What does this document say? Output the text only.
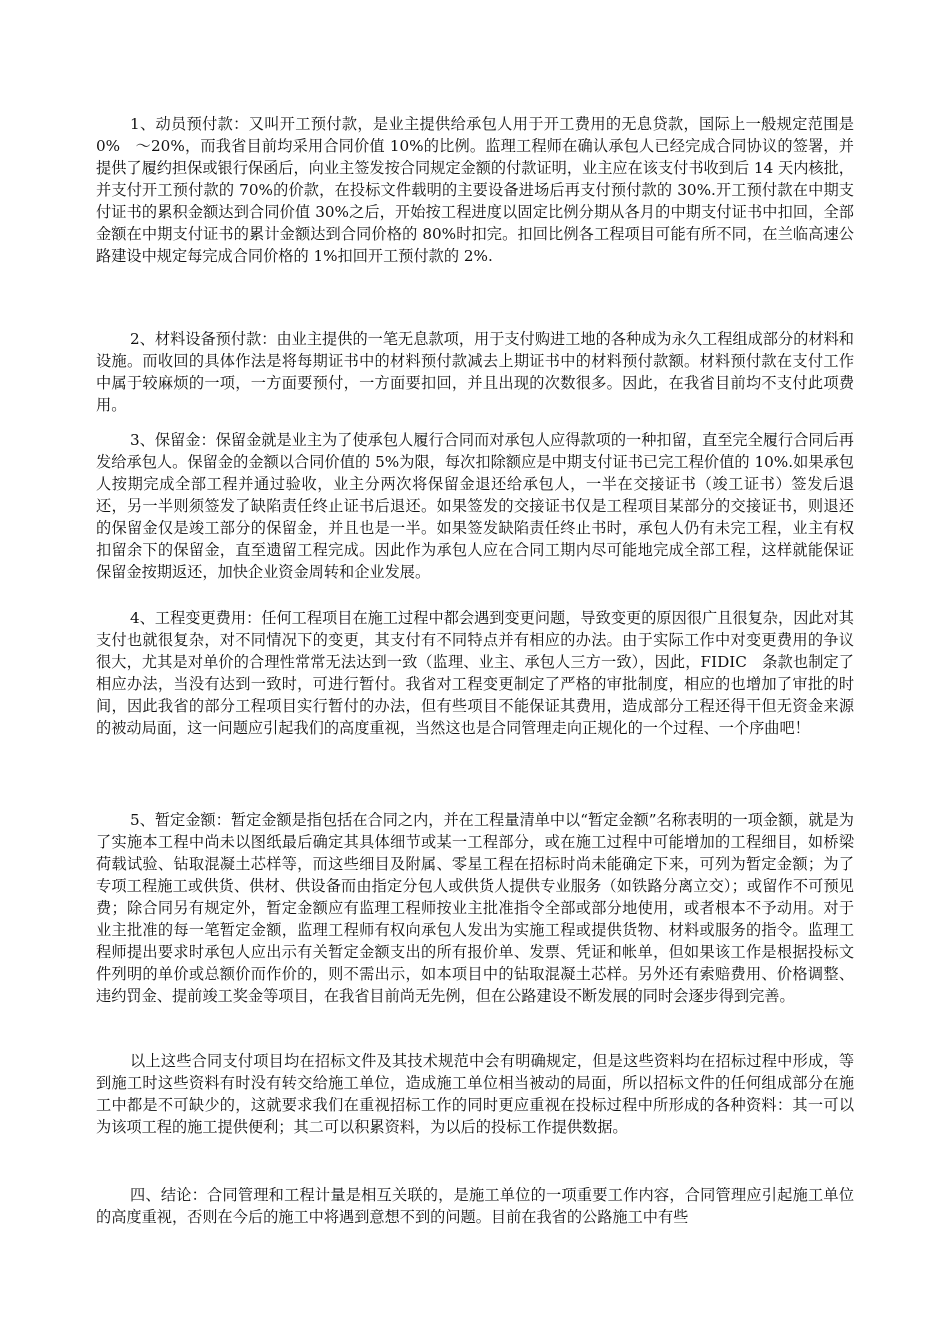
1、动员预付款：又叫开工预付款，是业主提供给承包人用于开工费用的无息贷款，国际上一般规定范围是 0%　～20%，而我省目前均采用合同价值 10%的比例。监理工程师在确认承包人已经完成合同协议的签署，并提供了履约担保或银行保函后，向业主签发按合同规定金额的付款证明，业主应在该支付书收到后 14 天内核批，并支付开工预付款的 70%的价款，在投标文件载明的主要设备进场后再支付预付款的 30%.开工预付款在中期支付证书的累积金额达到合同价值 30%之后，开始按工程进度以固定比例分期从各月的中期支付证书中扣回，全部金额在中期支付证书的累计金额达到合同价格的 80%时扣完。扣回比例各工程项目可能有所不同，在兰临高速公路建设中规定每完成合同价格的 1%扣回开工预付款的 2%.

2、材料设备预付款：由业主提供的一笔无息款项，用于支付购进工地的各种成为永久工程组成部分的材料和设施。而收回的具体作法是将每期证书中的材料预付款减去上期证书中的材料预付款额。材料预付款在支付工作中属于较麻烦的一项，一方面要预付，一方面要扣回，并且出现的次数很多。因此，在我省目前均不支付此项费用。

3、保留金：保留金就是业主为了使承包人履行合同而对承包人应得款项的一种扣留，直至完全履行合同后再发给承包人。保留金的金额以合同价值的 5%为限，每次扣除额应是中期支付证书已完工程价值的 10%.如果承包人按期完成全部工程并通过验收，业主分两次将保留金退还给承包人，一半在交接证书（竣工证书）签发后退还，另一半则须签发了缺陷责任终止证书后退还。如果签发的交接证书仅是工程项目某部分的交接证书，则退还的保留金仅是竣工部分的保留金，并且也是一半。如果签发缺陷责任终止书时，承包人仍有未完工程，业主有权扣留余下的保留金，直至遗留工程完成。因此作为承包人应在合同工期内尽可能地完成全部工程，这样就能保证保留金按期返还，加快企业资金周转和企业发展。

4、工程变更费用：任何工程项目在施工过程中都会遇到变更问题，导致变更的原因很广且很复杂，因此对其支付也就很复杂，对不同情况下的变更，其支付有不同特点并有相应的办法。由于实际工作中对变更费用的争议很大，尤其是对单价的合理性常常无法达到一致（监理、业主、承包人三方一致），因此，FIDIC　条款也制定了相应办法，当没有达到一致时，可进行暂付。我省对工程变更制定了严格的审批制度，相应的也增加了审批的时间，因此我省的部分工程项目实行暂付的办法，但有些项目不能保证其费用，造成部分工程还得干但无资金来源的被动局面，这一问题应引起我们的高度重视，当然这也是合同管理走向正规化的一个过程、一个序曲吧！

5、暂定金额：暂定金额是指包括在合同之内，并在工程量清单中以“暂定金额”名称表明的一项金额，就是为了实施本工程中尚未以图纸最后确定其具体细节或某一工程部分，或在施工过程中可能增加的工程细目，如桥梁荷载试验、钻取混凝土芯样等，而这些细目及附属、零星工程在招标时尚未能确定下来，可列为暂定金额；为了专项工程施工或供货、供材、供设备而由指定分包人或供货人提供专业服务（如铁路分离立交）；或留作不可预见费；除合同另有规定外，暂定金额应有监理工程师按业主批准指令全部或部分地使用，或者根本不予动用。对于业主批准的每一笔暂定金额，监理工程师有权向承包人发出为实施工程或提供货物、材料或服务的指令。监理工程师提出要求时承包人应出示有关暂定金额支出的所有报价单、发票、凭证和帐单，但如果该工作是根据投标文件列明的单价或总额价而作价的，则不需出示，如本项目中的钻取混凝土芯样。另外还有索赔费用、价格调整、违约罚金、提前竣工奖金等项目，在我省目前尚无先例，但在公路建设不断发展的同时会逐步得到完善。

以上这些合同支付项目均在招标文件及其技术规范中会有明确规定，但是这些资料均在招标过程中形成，等到施工时这些资料有时没有转交给施工单位，造成施工单位相当被动的局面，所以招标文件的任何组成部分在施工中都是不可缺少的，这就要求我们在重视招标工作的同时更应重视在投标过程中所形成的各种资料：其一可以为该项工程的施工提供便利；其二可以积累资料，为以后的投标工作提供数据。

四、结论：合同管理和工程计量是相互关联的，是施工单位的一项重要工作内容，合同管理应引起施工单位的高度重视，否则在今后的施工中将遇到意想不到的问题。目前在我省的公路施工中有些
